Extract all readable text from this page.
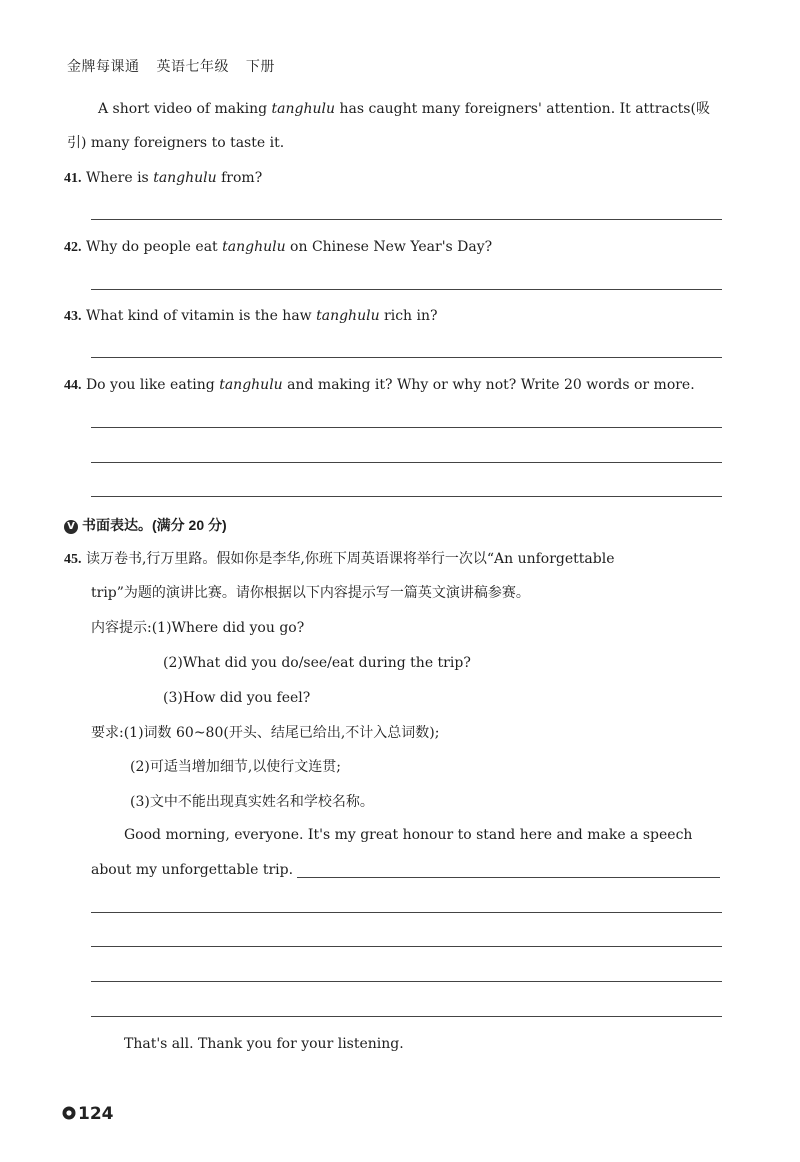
金牌每课通 英语七年级 下册
A short video of making tanghulu has caught many foreigners' attention. It attracts(吸
引) many foreigners to taste it.
41. Where is tanghulu from?
42. Why do people eat tanghulu on Chinese New Year's Day?
43. What kind of vitamin is the haw tanghulu rich in?
44. Do you like eating tanghulu and making it? Why or why not? Write 20 words or more.
V 书面表达。(满分 20 分)
45. 读万卷书,行万里路。假如你是李华,你班下周英语课将举行一次以“An unforgettable
trip”为题的演讲比赛。请你根据以下内容提示写一篇英文演讲稿参赛。
内容提示:(1)Where did you go?
(2)What did you do/see/eat during the trip?
(3)How did you feel?
要求:(1)词数 60~80(开头、结尾已给出,不计入总词数);
(2)可适当增加细节,以使行文连贯;
(3)文中不能出现真实姓名和学校名称。
Good morning, everyone. It's my great honour to stand here and make a speech
about my unforgettable trip.
That's all. Thank you for your listening.
124
